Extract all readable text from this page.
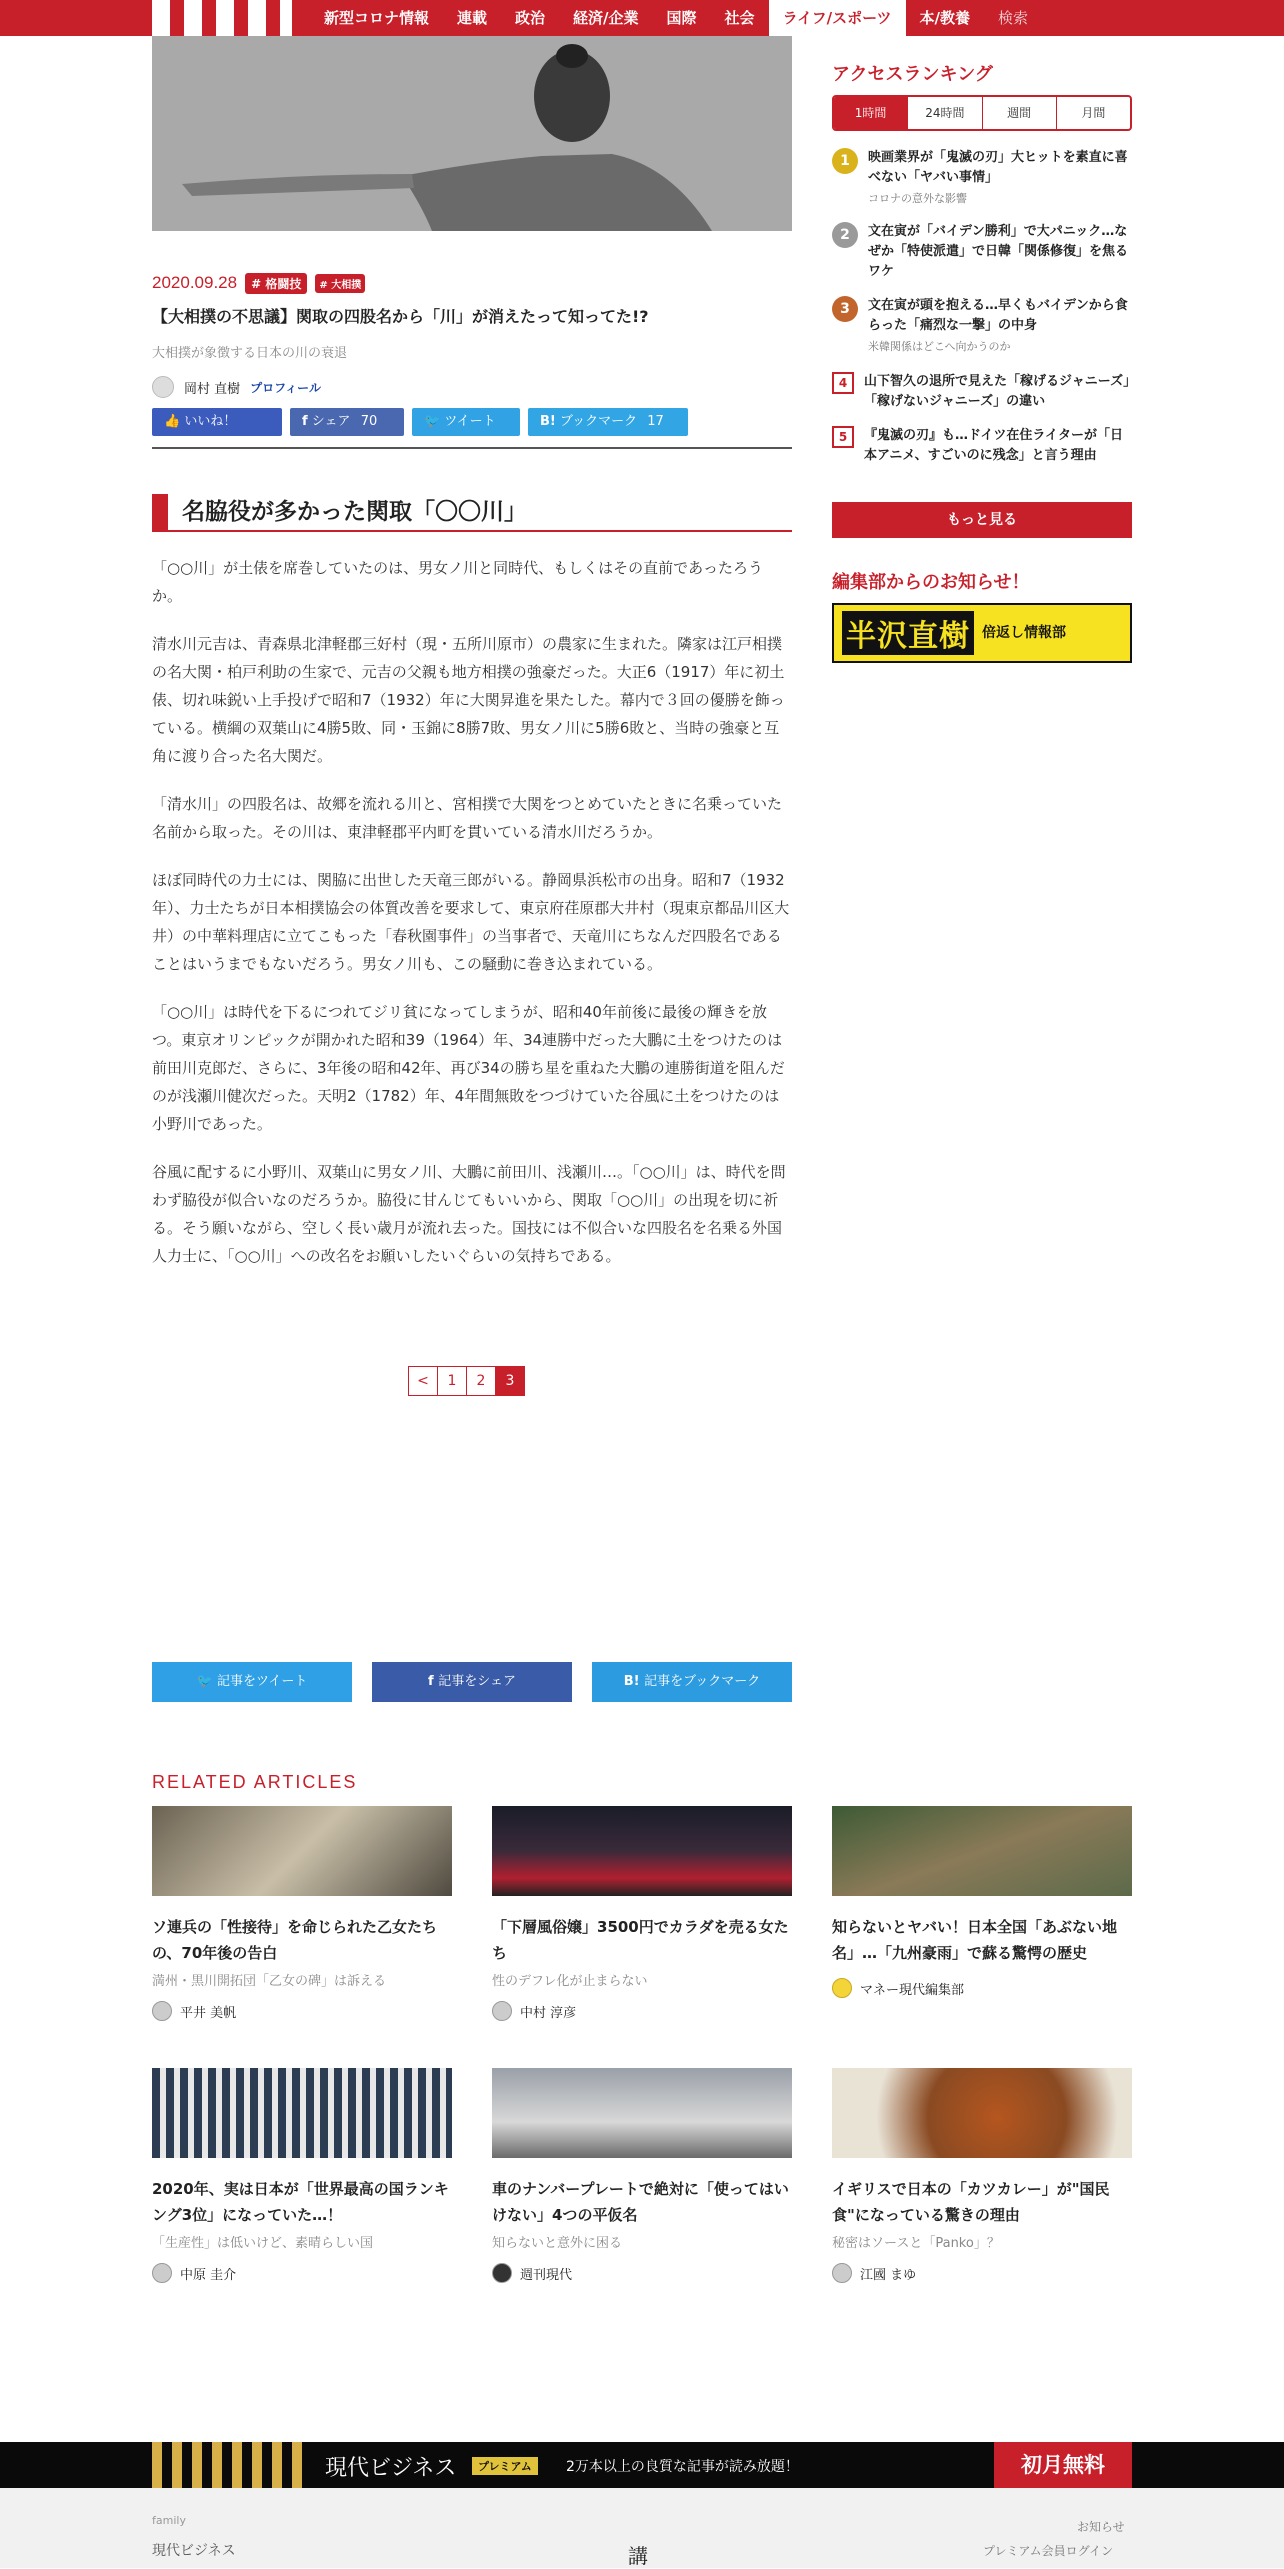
新型コロナ情報	連載	政治	経済/企業	国際	社会	ライフ/スポーツ	本/教養	検索
2020.09.28	# 格闘技	# 大相撲
【大相撲の不思議】関取の四股名から「川」が消えたって知ってた!?
大相撲が象徴する日本の川の衰退
岡村 直樹 プロフィール
👍 いいね！	f シェア 70	🐦 ツイート	B! ブックマーク 17
名脇役が多かった関取「〇〇川」

「○○川」が土俵を席巻していたのは、男女ノ川と同時代、もしくはその直前であったろうか。

清水川元吉は、青森県北津軽郡三好村（現・五所川原市）の農家に生まれた。隣家は江戸相撲の名大関・柏戸利助の生家で、元吉の父親も地方相撲の強豪だった。大正6（1917）年に初土俵、切れ味鋭い上手投げで昭和7（1932）年に大関昇進を果たした。幕内で３回の優勝を飾っている。横綱の双葉山に4勝5敗、同・玉錦に8勝7敗、男女ノ川に5勝6敗と、当時の強豪と互角に渡り合った名大関だ。

「清水川」の四股名は、故郷を流れる川と、宮相撲で大関をつとめていたときに名乗っていた名前から取った。その川は、東津軽郡平内町を貫いている清水川だろうか。

ほぼ同時代の力士には、関脇に出世した天竜三郎がいる。静岡県浜松市の出身。昭和7（1932年）、力士たちが日本相撲協会の体質改善を要求して、東京府荏原郡大井村（現東京都品川区大井）の中華料理店に立てこもった「春秋園事件」の当事者で、天竜川にちなんだ四股名であることはいうまでもないだろう。男女ノ川も、この騒動に巻き込まれている。

「○○川」は時代を下るにつれてジリ貧になってしまうが、昭和40年前後に最後の輝きを放つ。東京オリンピックが開かれた昭和39（1964）年、34連勝中だった大鵬に土をつけたのは前田川克郎だ、さらに、3年後の昭和42年、再び34の勝ち星を重ねた大鵬の連勝街道を阻んだのが浅瀬川健次だった。天明2（1782）年、4年間無敗をつづけていた谷風に土をつけたのは小野川であった。

谷風に配するに小野川、双葉山に男女ノ川、大鵬に前田川、浅瀬川…。「○○川」は、時代を問わず脇役が似合いなのだろうか。脇役に甘んじてもいいから、関取「○○川」の出現を切に祈る。そう願いながら、空しく長い歳月が流れ去った。国技には不似合いな四股名を名乗る外国人力士に、「○○川」への改名をお願いしたいぐらいの気持ちである。

<	1	2	3
🐦 記事をツイート	f 記事をシェア	B! 記事をブックマーク
RELATED ARTICLES
ソ連兵の「性接待」を命じられた乙女たちの、70年後の告白
満州・黒川開拓団「乙女の碑」は訴える
平井 美帆
「下層風俗嬢」3500円でカラダを売る女たち
性のデフレ化が止まらない
中村 淳彦
知らないとヤバい！日本全国「あぶない地名」…「九州豪雨」で蘇る驚愕の歴史
マネー現代編集部
2020年、実は日本が「世界最高の国ランキング3位」になっていた…！
「生産性」は低いけど、素晴らしい国
中原 圭介
車のナンバープレートで絶対に「使ってはいけない」4つの平仮名
知らないと意外に困る
週刊現代
イギリスで日本の「カツカレー」が"国民食"になっている驚きの理由
秘密はソースと「Panko」？
江國 まゆ
アクセスランキング
1時間	24時間	週間	月間
1	映画業界が「鬼滅の刃」大ヒットを素直に喜べない「ヤバい事情」
コロナの意外な影響
2	文在寅が「バイデン勝利」で大パニック…なぜか「特使派遣」で日韓「関係修復」を焦るワケ
3	文在寅が頭を抱える…早くもバイデンから食らった「痛烈な一撃」の中身
米韓関係はどこへ向かうのか
4	山下智久の退所で見えた「稼げるジャニーズ」「稼げないジャニーズ」の違い
5	『鬼滅の刃』も…ドイツ在住ライターが「日本アニメ、すごいのに残念」と言う理由
もっと見る
編集部からのお知らせ！
半沢直樹 倍返し情報部
現代ビジネス	プレミアム	2万本以上の良質な記事が読み放題！	初月無料
family
現代ビジネス	講
お知らせ
プレミアム会員ログイン
